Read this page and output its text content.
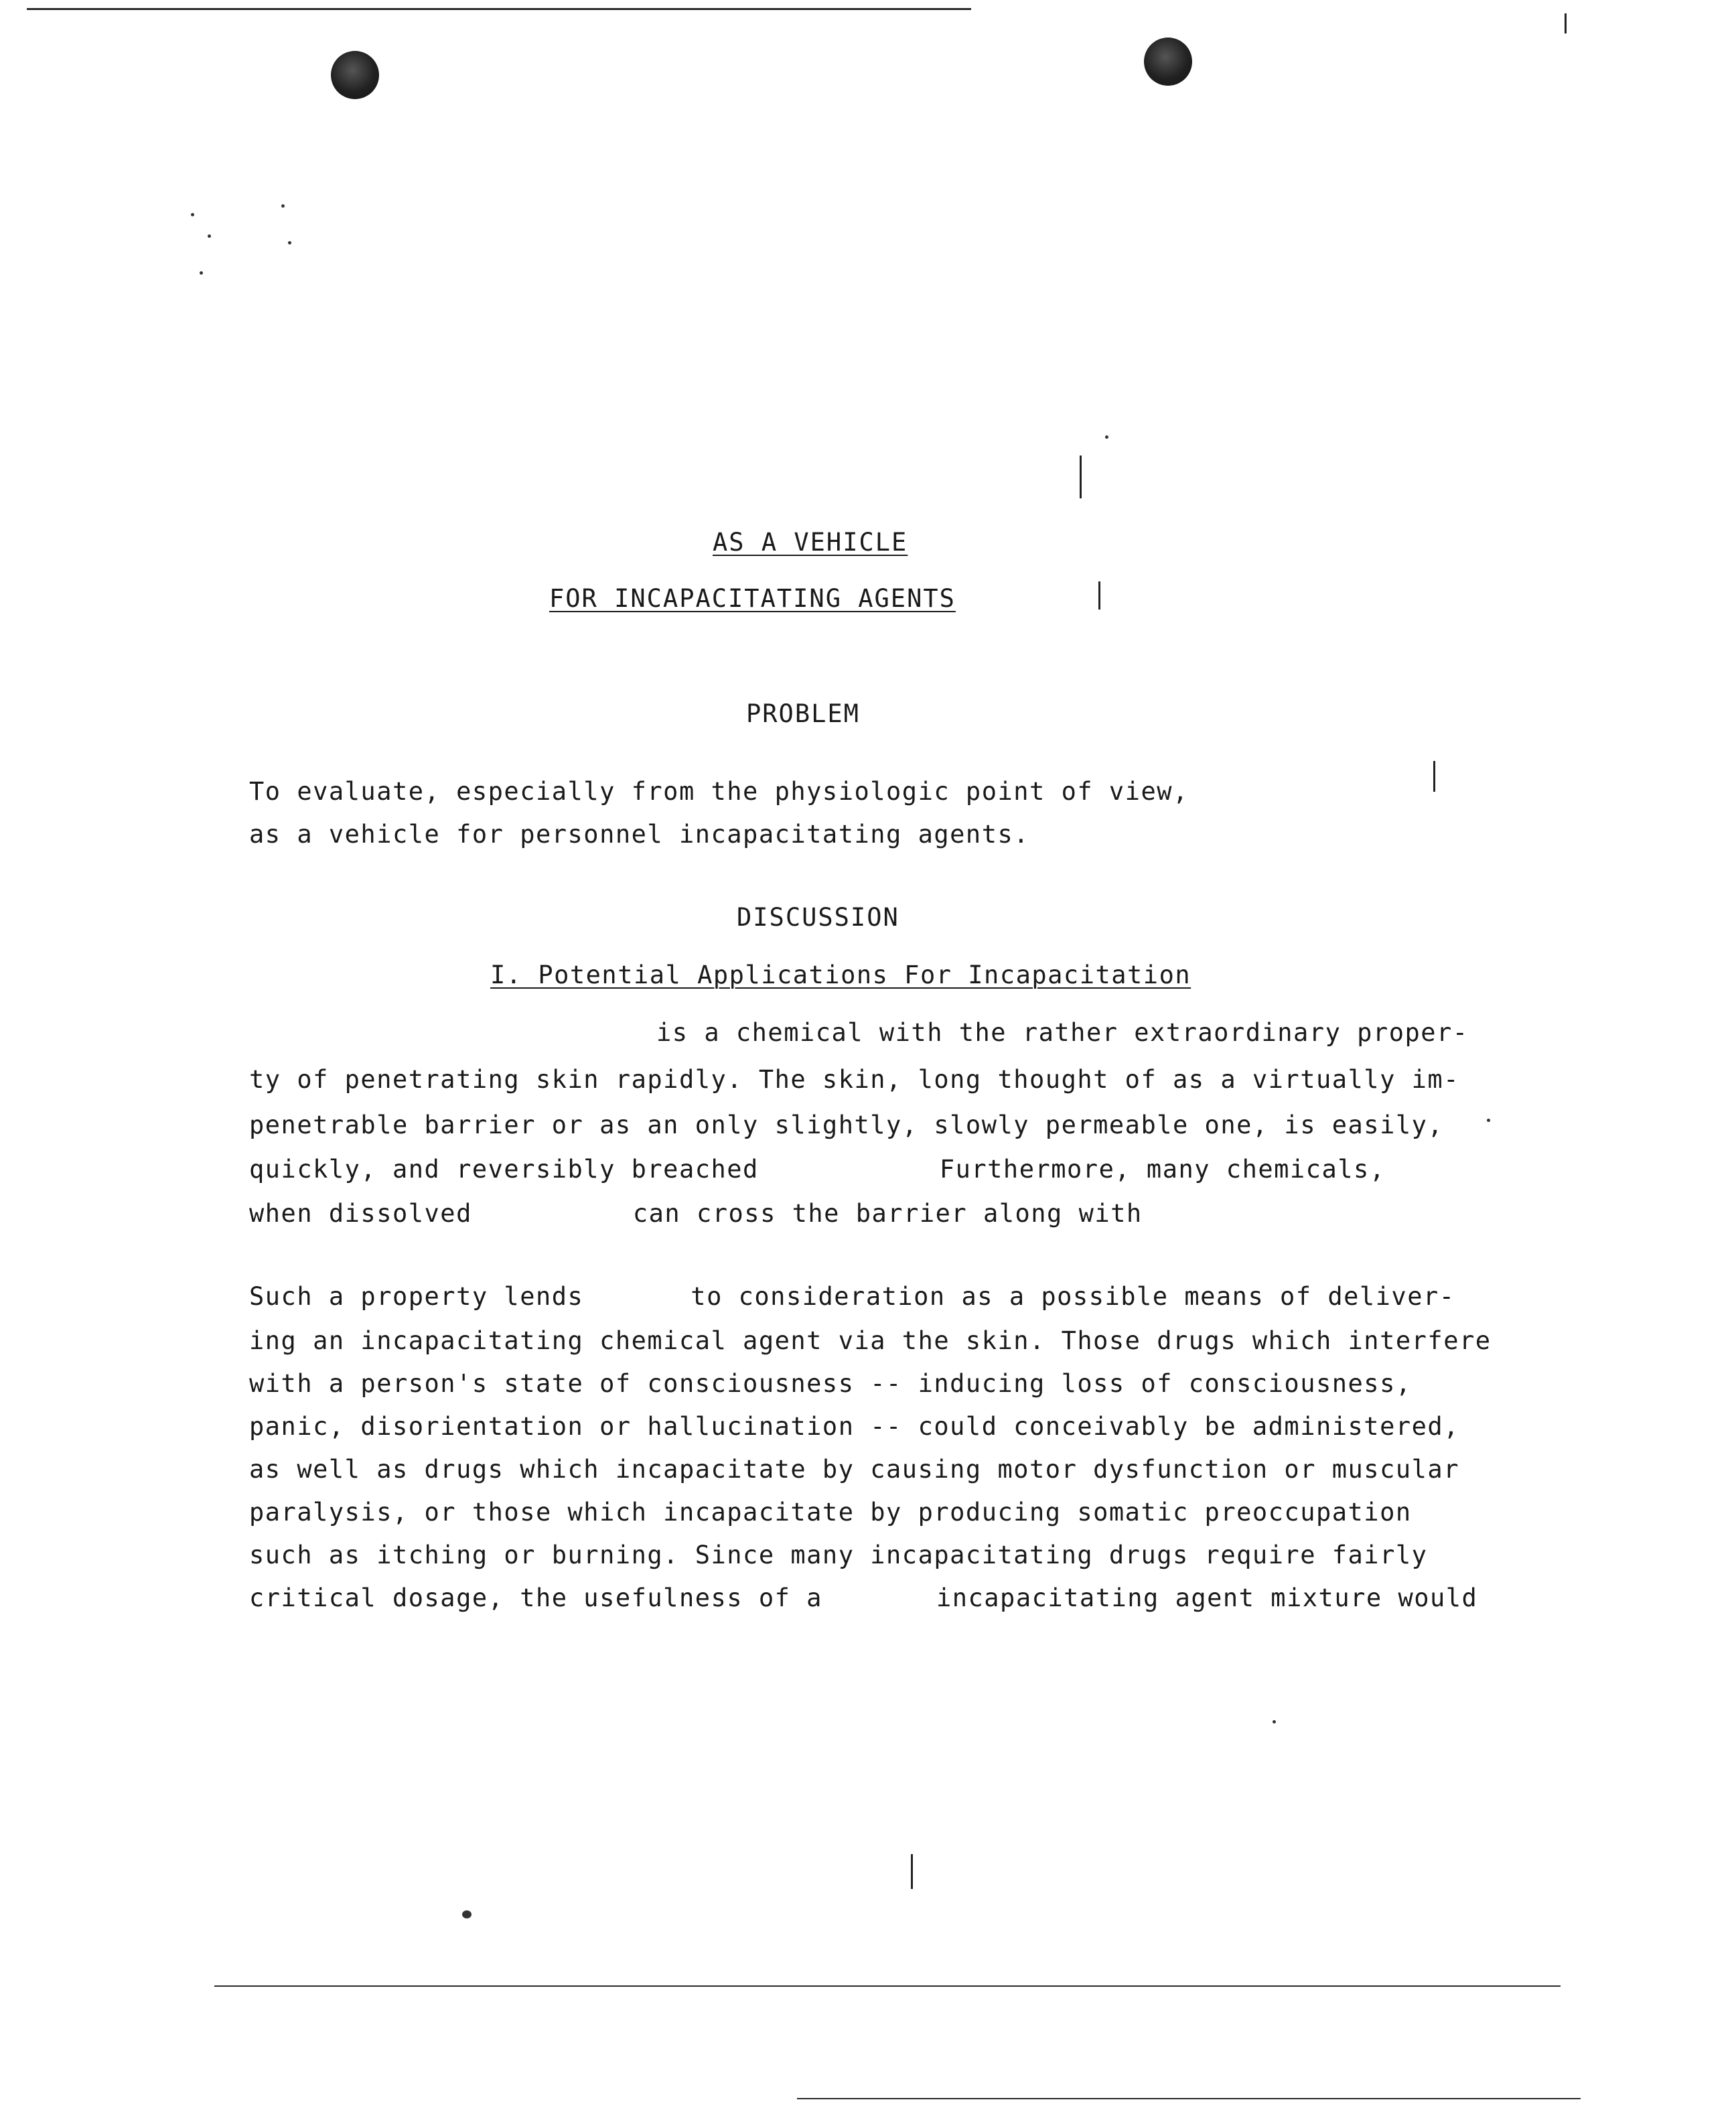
AS A VEHICLE
FOR INCAPACITATING AGENTS
PROBLEM
To evaluate, especially from the physiologic point of view,
as a vehicle for personnel incapacitating agents.
DISCUSSION
I. Potential Applications For Incapacitation
is a chemical with the rather extraordinary proper-
ty of penetrating skin rapidly. The skin, long thought of as a virtually im-
penetrable barrier or as an only slightly, slowly permeable one, is easily,
quickly, and reversibly breached	Furthermore, many chemicals,
when dissolved	can cross the barrier along with
Such a property lends	to consideration as a possible means of deliver-
ing an incapacitating chemical agent via the skin. Those drugs which interfere
with a person's state of consciousness -- inducing loss of consciousness,
panic, disorientation or hallucination -- could conceivably be administered,
as well as drugs which incapacitate by causing motor dysfunction or muscular
paralysis, or those which incapacitate by producing somatic preoccupation
such as itching or burning. Since many incapacitating drugs require fairly
critical dosage, the usefulness of a	incapacitating agent mixture would
